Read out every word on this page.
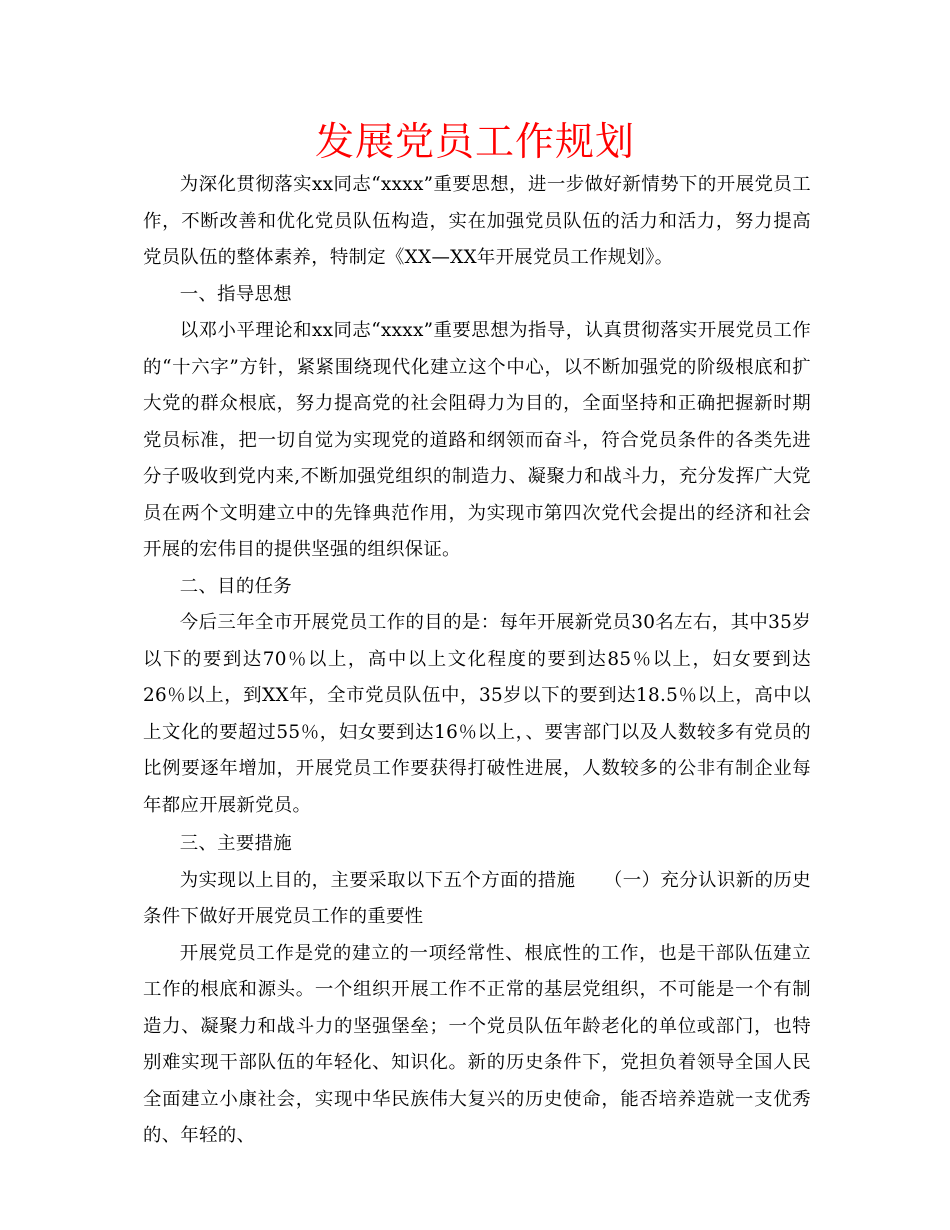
发展党员工作规划

为深化贯彻落实xx同志“xxxx”重要思想，进一步做好新情势下的开展党员工作，不断改善和优化党员队伍构造，实在加强党员队伍的活力和活力，努力提高党员队伍的整体素养，特制定《XX—XX年开展党员工作规划》。

一、指导思想

以邓小平理论和xx同志“xxxx”重要思想为指导，认真贯彻落实开展党员工作的“十六字”方针，紧紧围绕现代化建立这个中心，以不断加强党的阶级根底和扩大党的群众根底，努力提高党的社会阻碍力为目的，全面坚持和正确把握新时期党员标准，把一切自觉为实现党的道路和纲领而奋斗，符合党员条件的各类先进分子吸收到党内来,不断加强党组织的制造力、凝聚力和战斗力，充分发挥广大党员在两个文明建立中的先锋典范作用，为实现市第四次党代会提出的经济和社会开展的宏伟目的提供坚强的组织保证。

二、目的任务

今后三年全市开展党员工作的目的是：每年开展新党员30名左右，其中35岁以下的要到达70％以上，高中以上文化程度的要到达85％以上，妇女要到达26％以上，到XX年，全市党员队伍中，35岁以下的要到达18.5％以上，高中以上文化的要超过55％，妇女要到达16％以上，、要害部门以及人数较多有党员的比例要逐年增加，开展党员工作要获得打破性进展，人数较多的公非有制企业每年都应开展新党员。

三、主要措施

为实现以上目的，主要采取以下五个方面的措施　　（一）充分认识新的历史条件下做好开展党员工作的重要性

开展党员工作是党的建立的一项经常性、根底性的工作，也是干部队伍建立工作的根底和源头。一个组织开展工作不正常的基层党组织，不可能是一个有制造力、凝聚力和战斗力的坚强堡垒；一个党员队伍年龄老化的单位或部门，也特别难实现干部队伍的年轻化、知识化。新的历史条件下，党担负着领导全国人民全面建立小康社会，实现中华民族伟大复兴的历史使命，能否培养造就一支优秀的、年轻的、
